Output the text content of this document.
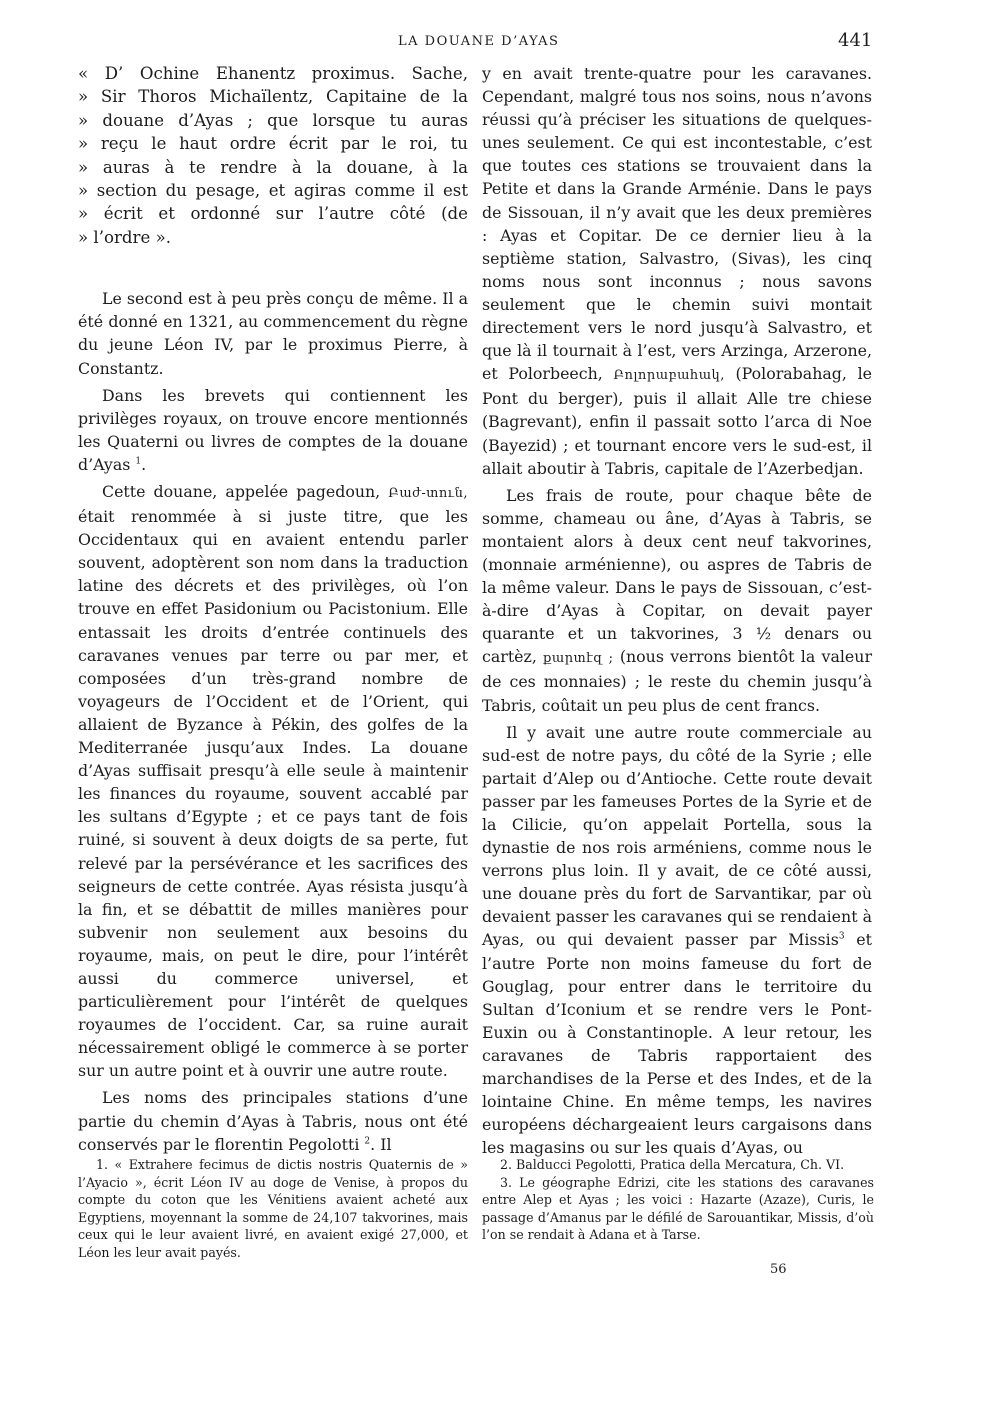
LA DOUANE D’AYAS	441
« D’ Ochine Ehanentz proximus. Sache,
» Sir Thoros Michaïlentz, Capitaine de la
» douane d’Ayas ; que lorsque tu auras
» reçu le haut ordre écrit par le roi, tu
» auras à te rendre à la douane, à la
» section du pesage, et agiras comme il est
» écrit et ordonné sur l’autre côté (de
» l’ordre ».

Le second est à peu près conçu de même. Il a été donné en 1321, au commencement du règne du jeune Léon IV, par le proximus Pierre, à Constantz.

Dans les brevets qui contiennent les privilèges royaux, on trouve encore mentionnés les Quaterni ou livres de comptes de la douane d’Ayas $^1$.

Cette douane, appelée pagedoun, Բաժ-տուն, était renommée à si juste titre, que les Occidentaux qui en avaient entendu parler souvent, adoptèrent son nom dans la traduction latine des décrets et des privilèges, où l’on trouve en effet Pasidonium ou Pacistonium. Elle entassait les droits d’entrée continuels des caravanes venues par terre ou par mer, et composées d’un très-grand nombre de voyageurs de l’Occident et de l’Orient, qui allaient de Byzance à Pékin, des golfes de la Mediterranée jusqu’aux Indes. La douane d’Ayas suffisait presqu’à elle seule à maintenir les finances du royaume, souvent accablé par les sultans d’Egypte ; et ce pays tant de fois ruiné, si souvent à deux doigts de sa perte, fut relevé par la persévérance et les sacrifices des seigneurs de cette contrée. Ayas résista jusqu’à la fin, et se débattit de milles manières pour subvenir non seulement aux besoins du royaume, mais, on peut le dire, pour l’intérêt aussi du commerce universel, et particulièrement pour l’intérêt de quelques royaumes de l’occident. Car, sa ruine aurait nécessairement obligé le commerce à se porter sur un autre point et à ouvrir une autre route.

Les noms des principales stations d’une partie du chemin d’Ayas à Tabris, nous ont été conservés par le florentin Pegolotti $^2$. Il

y en avait trente-quatre pour les caravanes. Cependant, malgré tous nos soins, nous n’avons réussi qu’à préciser les situations de quelques-unes seulement. Ce qui est incontestable, c’est que toutes ces stations se trouvaient dans la Petite et dans la Grande Arménie. Dans le pays de Sissouan, il n’y avait que les deux premières : Ayas et Copitar. De ce dernier lieu à la septième station, Salvastro, (Sivas), les cinq noms nous sont inconnus ; nous savons seulement que le chemin suivi montait directement vers le nord jusqu’à Salvastro, et que là il tournait à l’est, vers Arzinga, Arzerone, et Polorbeech, Բոլորաբահակ, (Polorabahag, le Pont du berger), puis il allait Alle tre chiese (Bagrevant), enfin il passait sotto l’arca di Noe (Bayezid) ; et tournant encore vers le sud-est, il allait aboutir à Tabris, capitale de l’Azerbedjan.

Les frais de route, pour chaque bête de somme, chameau ou âne, d’Ayas à Tabris, se montaient alors à deux cent neuf takvorines, (monnaie arménienne), ou aspres de Tabris de la même valeur. Dans le pays de Sissouan, c’est-à-dire d’Ayas à Copitar, on devait payer quarante et un takvorines, 3 ½ denars ou cartèz, քարտէզ ; (nous verrons bientôt la valeur de ces monnaies) ; le reste du chemin jusqu’à Tabris, coûtait un peu plus de cent francs.

Il y avait une autre route commerciale au sud-est de notre pays, du côté de la Syrie ; elle partait d’Alep ou d’Antioche. Cette route devait passer par les fameuses Portes de la Syrie et de la Cilicie, qu’on appelait Portella, sous la dynastie de nos rois arméniens, comme nous le verrons plus loin. Il y avait, de ce côté aussi, une douane près du fort de Sarvantikar, par où devaient passer les caravanes qui se rendaient à Ayas, ou qui devaient passer par Missis$^3$ et l’autre Porte non moins fameuse du fort de Gouglag, pour entrer dans le territoire du Sultan d’Iconium et se rendre vers le Pont-Euxin ou à Constantinople. A leur retour, les caravanes de Tabris rapportaient des marchandises de la Perse et des Indes, et de la lointaine Chine. En même temps, les navires européens déchargeaient leurs cargaisons dans les magasins ou sur les quais d’Ayas, ou

1. « Extrahere fecimus de dictis nostris Quaternis de » l’Ayacio », écrit Léon IV au doge de Venise, à propos du compte du coton que les Vénitiens avaient acheté aux Egyptiens, moyennant la somme de 24,107 takvorines, mais ceux qui le leur avaient livré, en avaient exigé 27,000, et Léon les leur avait payés.

2. Balducci Pegolotti, Pratica della Mercatura, Ch. VI.

3. Le géographe Edrizi, cite les stations des caravanes entre Alep et Ayas ; les voici : Hazarte (Azaze), Curis, le passage d’Amanus par le défilé de Sarouantikar, Missis, d’où l’on se rendait à Adana et à Tarse.

56
